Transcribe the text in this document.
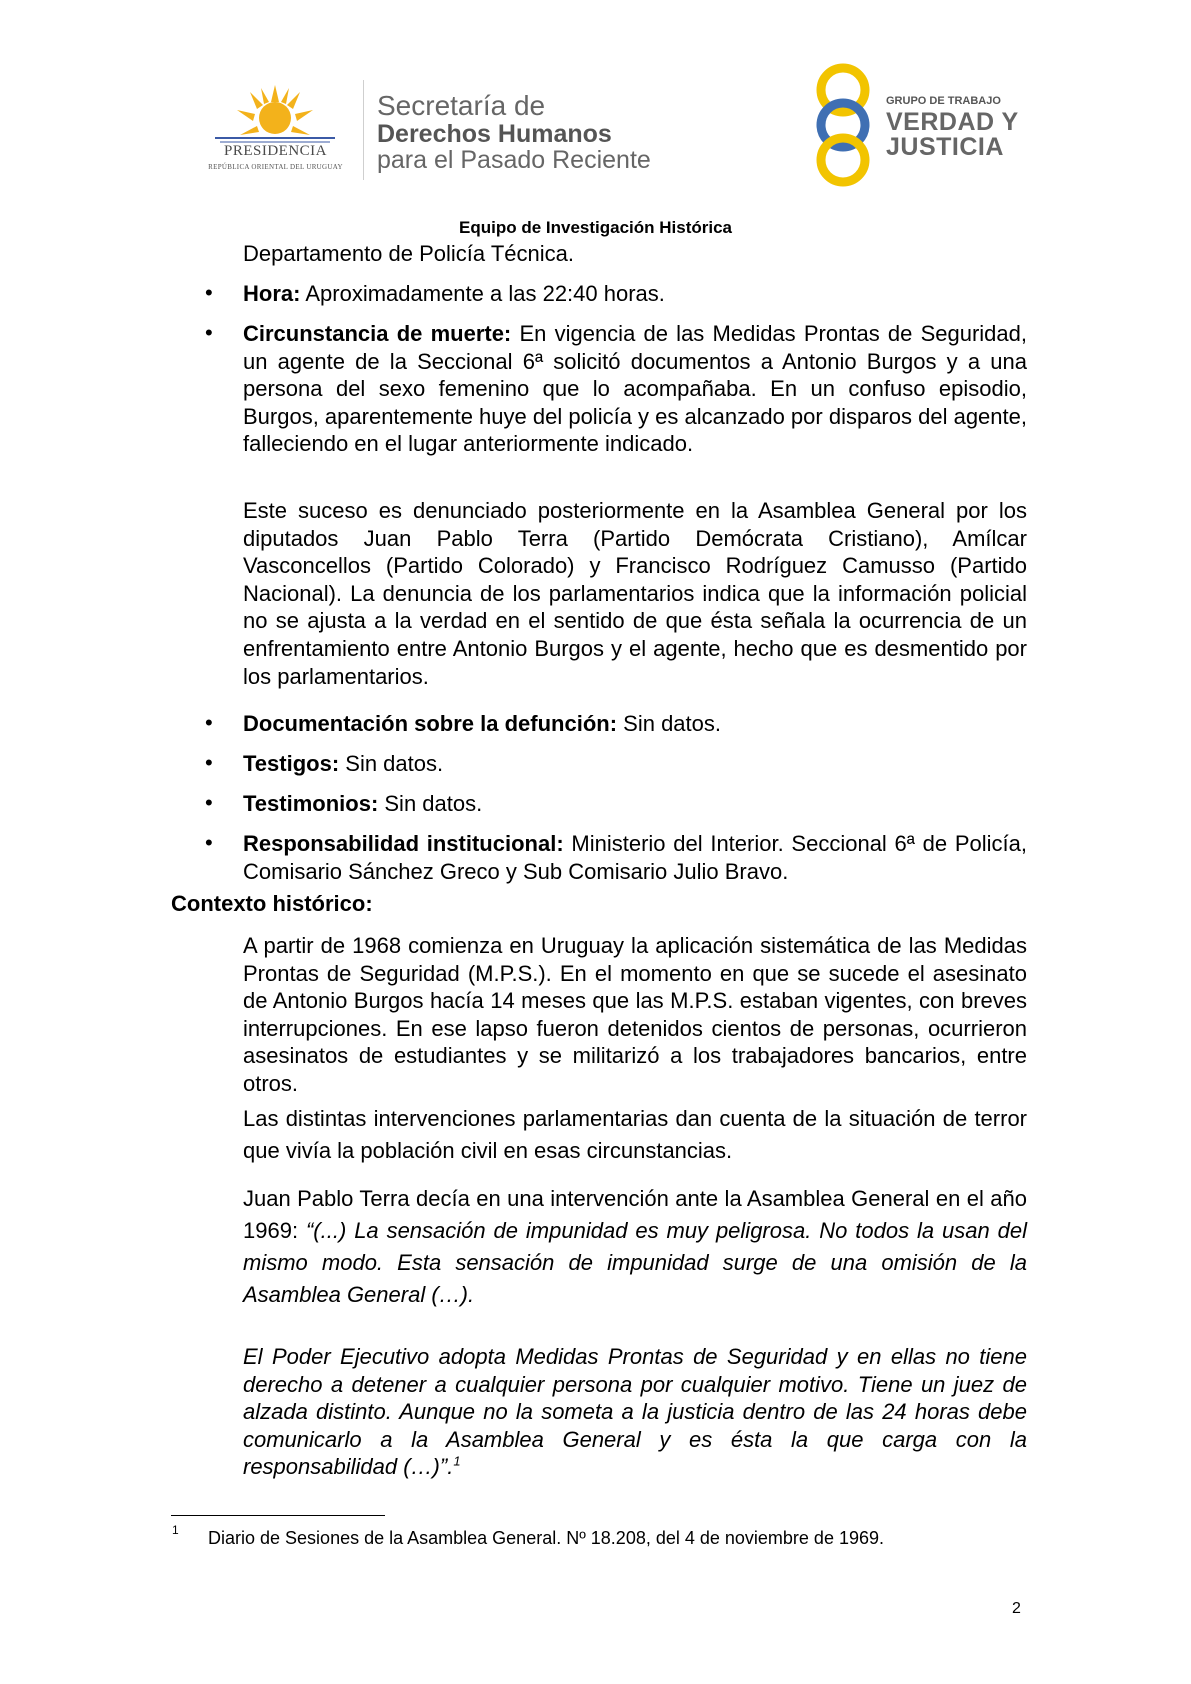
PRESIDENCIA
REPÚBLICA ORIENTAL DEL URUGUAY
Secretaría de
Derechos Humanos
para el Pasado Reciente
GRUPO DE TRABAJO
VERDAD Y
JUSTICIA
Equipo de Investigación Histórica
Departamento de Policía Técnica.
• Hora: Aproximadamente a las 22:40 horas.
• Circunstancia de muerte: En vigencia de las Medidas Prontas de Seguridad, un agente de la Seccional 6ª solicitó documentos a Antonio Burgos y a una persona del sexo femenino que lo acompañaba. En un confuso episodio, Burgos, aparentemente huye del policía y es alcanzado por disparos del agente, falleciendo en el lugar anteriormente indicado.
Este suceso es denunciado posteriormente en la Asamblea General por los diputados Juan Pablo Terra (Partido Demócrata Cristiano), Amílcar Vasconcellos (Partido Colorado) y Francisco Rodríguez Camusso (Partido Nacional). La denuncia de los parlamentarios indica que la información policial no se ajusta a la verdad en el sentido de que ésta señala la ocurrencia de un enfrentamiento entre Antonio Burgos y el agente, hecho que es desmentido por los parlamentarios.
• Documentación sobre la defunción: Sin datos.
• Testigos: Sin datos.
• Testimonios: Sin datos.
• Responsabilidad institucional: Ministerio del Interior. Seccional 6ª de Policía, Comisario Sánchez Greco y Sub Comisario Julio Bravo.
Contexto histórico:
A partir de 1968 comienza en Uruguay la aplicación sistemática de las Medidas Prontas de Seguridad (M.P.S.). En el momento en que se sucede el asesinato de Antonio Burgos hacía 14 meses que las M.P.S. estaban vigentes, con breves interrupciones. En ese lapso fueron detenidos cientos de personas, ocurrieron asesinatos de estudiantes y se militarizó a los trabajadores bancarios, entre otros.
Las distintas intervenciones parlamentarias dan cuenta de la situación de terror que vivía la población civil en esas circunstancias.
Juan Pablo Terra decía en una intervención ante la Asamblea General en el año 1969: “(...) La sensación de impunidad es muy peligrosa. No todos la usan del mismo modo. Esta sensación de impunidad surge de una omisión de la Asamblea General (…).
El Poder Ejecutivo adopta Medidas Prontas de Seguridad y en ellas no tiene derecho a detener a cualquier persona por cualquier motivo. Tiene un juez de alzada distinto. Aunque no la someta a la justicia dentro de las 24 horas debe comunicarlo a la Asamblea General y es ésta la que carga con la responsabilidad (…)”.$^1$
1 Diario de Sesiones de la Asamblea General. Nº 18.208, del 4 de noviembre de 1969.
2
